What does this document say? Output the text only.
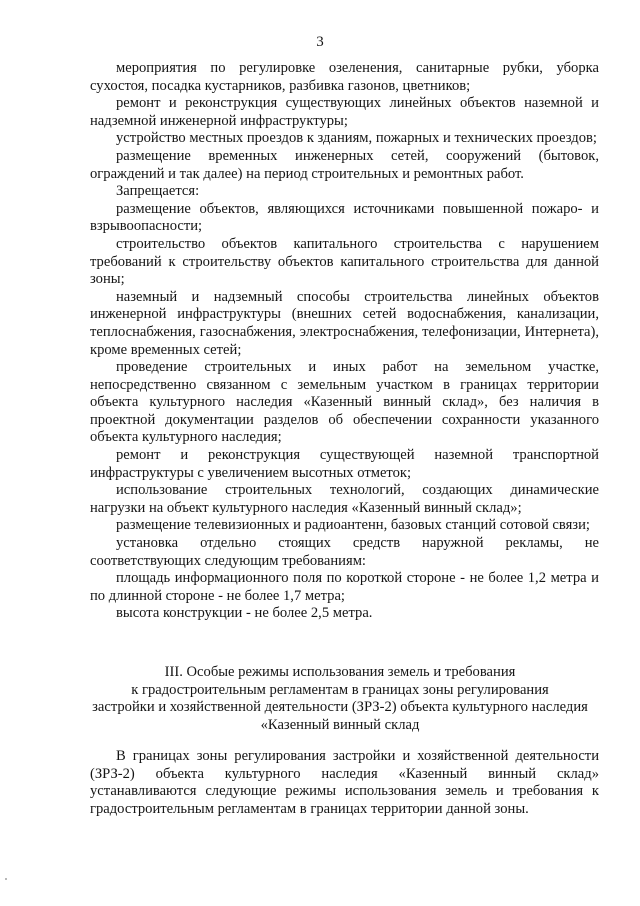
3

мероприятия по регулировке озеленения, санитарные рубки, уборка сухостоя, посадка кустарников, разбивка газонов, цветников;

ремонт и реконструкция существующих линейных объектов наземной и надземной инженерной инфраструктуры;

устройство местных проездов к зданиям, пожарных и технических проездов;

размещение временных инженерных сетей, сооружений (бытовок, ограждений и так далее) на период строительных и ремонтных работ.

Запрещается:

размещение объектов, являющихся источниками повышенной пожаро- и взрывоопасности;

строительство объектов капитального строительства с нарушением требований к строительству объектов капитального строительства для данной зоны;

наземный и надземный способы строительства линейных объектов инженерной инфраструктуры (внешних сетей водоснабжения, канализации, теплоснабжения, газоснабжения, электроснабжения, телефонизации, Интернета), кроме временных сетей;

проведение строительных и иных работ на земельном участке, непосредственно связанном с земельным участком в границах территории объекта культурного наследия «Казенный винный склад», без наличия в проектной документации разделов об обеспечении сохранности указанного объекта культурного наследия;

ремонт и реконструкция существующей наземной транспортной инфраструктуры с увеличением высотных отметок;

использование строительных технологий, создающих динамические нагрузки на объект культурного наследия «Казенный винный склад»;

размещение телевизионных и радиоантенн, базовых станций сотовой связи;

установка отдельно стоящих средств наружной рекламы, не соответствующих следующим требованиям:

площадь информационного поля по короткой стороне - не более 1,2 метра и по длинной стороне - не более 1,7 метра;

высота конструкции - не более 2,5 метра.

III. Особые режимы использования земель и требования
к градостроительным регламентам в границах зоны регулирования
застройки и хозяйственной деятельности (ЗРЗ-2) объекта культурного наследия
«Казенный винный склад

В границах зоны регулирования застройки и хозяйственной деятельности (ЗРЗ-2) объекта культурного наследия «Казенный винный склад» устанавливаются следующие режимы использования земель и требования к градостроительным регламентам в границах территории данной зоны.
